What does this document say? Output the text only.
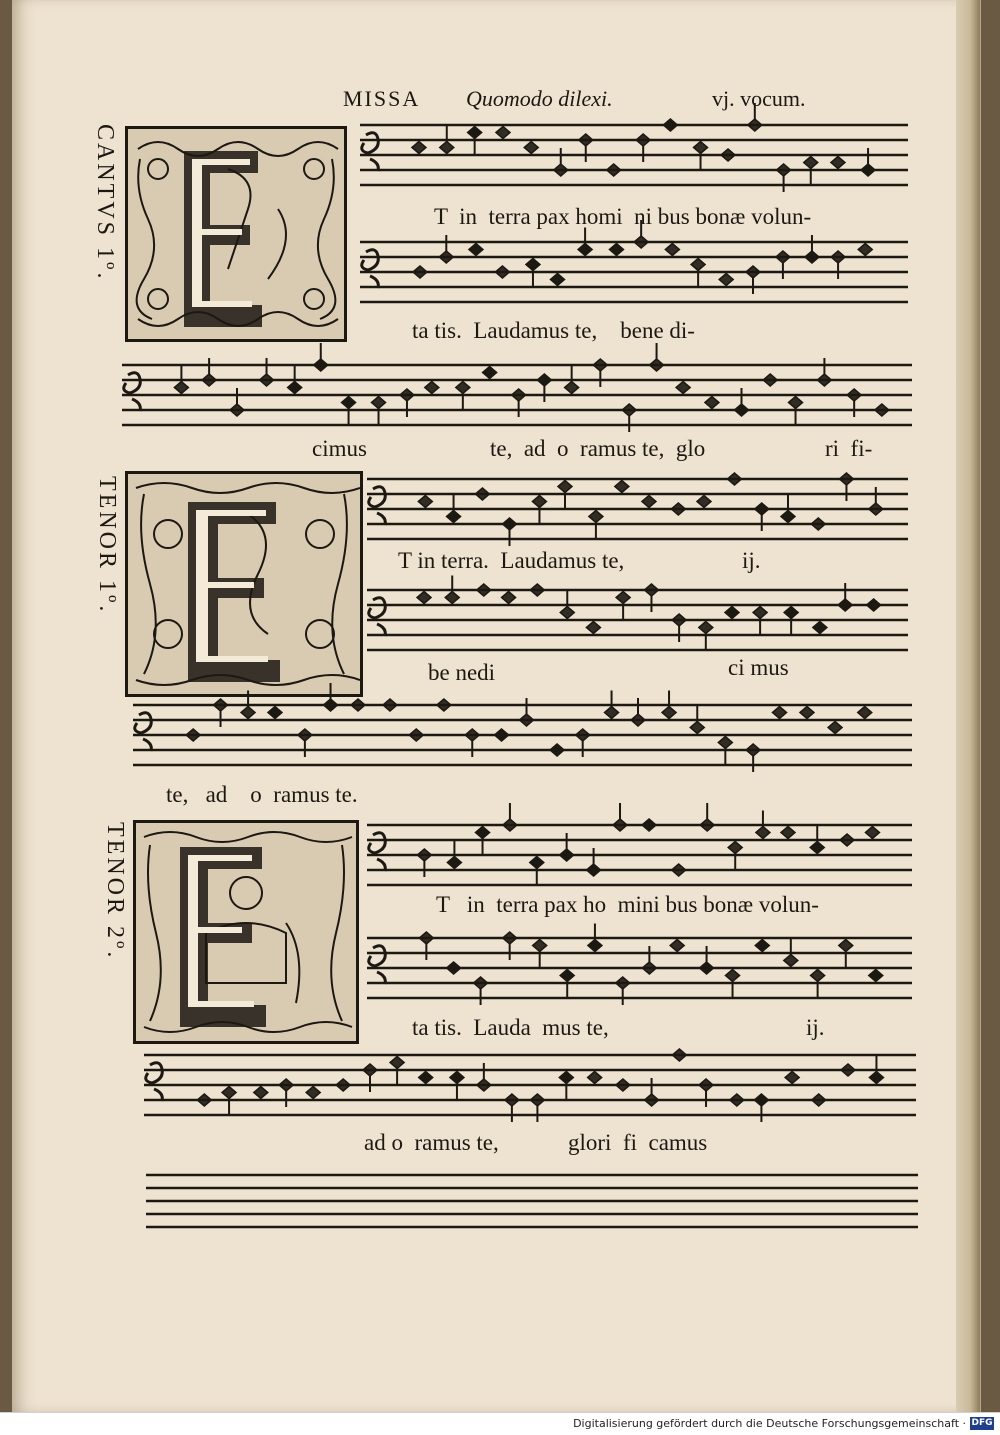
MISSA Quomodo dilexi.	vj. vocum.
CANTVS 1º.
TENOR 1º.
TENOR 2º.
T  in  terra pax homi  ni bus bonæ volun-
ta tis.  Laudamus te,    bene di-
cimus	te,  ad  o  ramus te,  glo	ri  fi-
T in terra.  Laudamus te,	ij.
be nedi	ci mus
te,   ad    o  ramus te.
T   in  terra pax ho  mini bus bonæ volun-
ta tis.  Lauda  mus te,	ij.
ad o  ramus te,	glori  fi  camus
Digitalisierung gefördert durch die Deutsche Forschungsgemeinschaft · DFG
